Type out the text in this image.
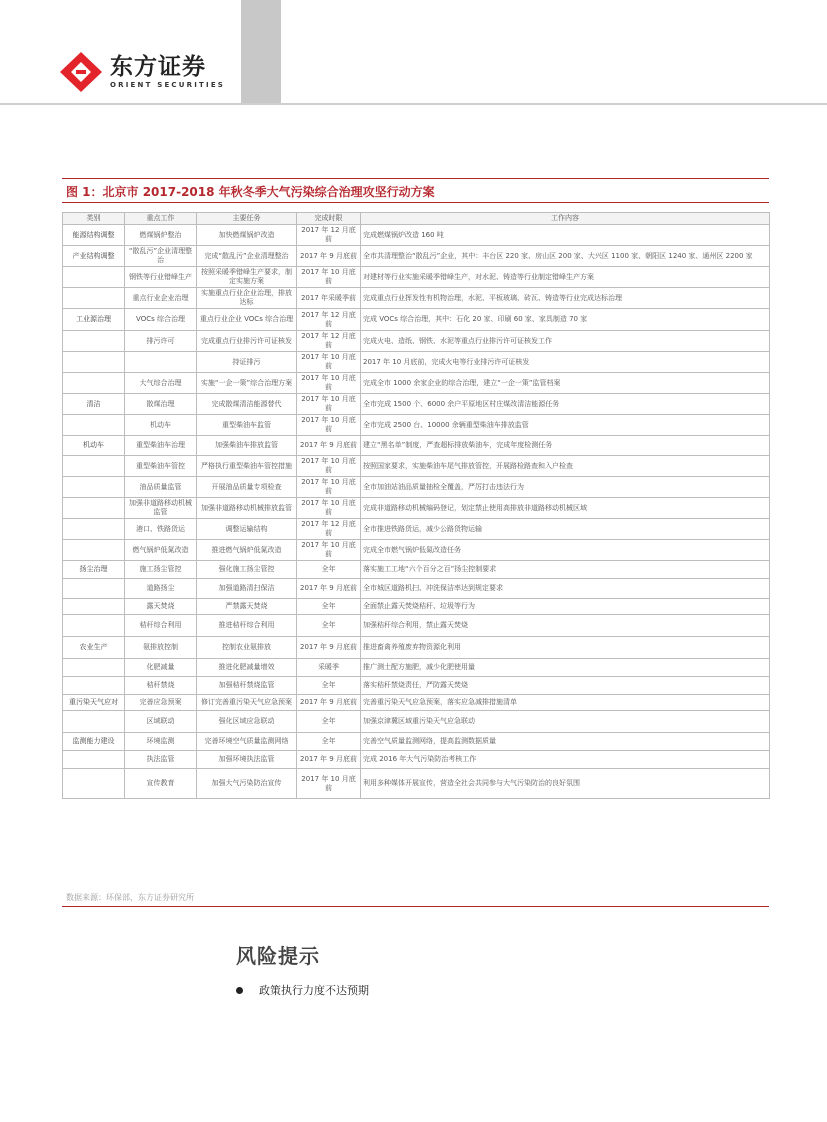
东方证券
ORIENT SECURITIES
图 1：北京市 2017-2018 年秋冬季大气污染综合治理攻坚行动方案
类别	重点工作	主要任务	完成时限	工作内容
能源结构调整	燃煤锅炉整治	加快燃煤锅炉改造	2017 年 12 月底前	完成燃煤锅炉改造 160 吨
产业结构调整	“散乱污”企业清理整治	完成“散乱污”企业清理整治	2017 年 9 月底前	全市共清理整治“散乱污”企业，其中：丰台区 220 家、房山区 200 家、大兴区 1100 家、朝阳区 1240 家、通州区 2200 家
	钢铁等行业错峰生产	按照采暖季错峰生产要求，制定实施方案	2017 年 10 月底前	对建材等行业实施采暖季错峰生产，对水泥、铸造等行业制定错峰生产方案
	重点行业企业治理	实施重点行业企业治理，排放达标	2017 年采暖季前	完成重点行业挥发性有机物治理，水泥、平板玻璃、砖瓦、铸造等行业完成达标治理
工业源治理	VOCs 综合治理	重点行业企业 VOCs 综合治理	2017 年 12 月底前	完成 VOCs 综合治理，其中：石化 20 家、印刷 60 家、家具制造 70 家
	排污许可	完成重点行业排污许可证核发	2017 年 12 月底前	完成火电、造纸、钢铁、水泥等重点行业排污许可证核发工作
		持证排污	2017 年 10 月底前	2017 年 10 月底前，完成火电等行业排污许可证核发
	大气综合治理	实施“一企一策”综合治理方案	2017 年 10 月底前	完成全市 1000 余家企业的综合治理，建立“一企一策”监管档案
清洁	散煤治理	完成散煤清洁能源替代	2017 年 10 月底前	全市完成 1500 个、6000 余户平原地区村庄煤改清洁能源任务
	机动车	重型柴油车监管	2017 年 10 月底前	全市完成 2500 台、10000 余辆重型柴油车排放监管
机动车	重型柴油车治理	加强柴油车排放监管	2017 年 9 月底前	建立“黑名单”制度，严查超标排放柴油车，完成年度检测任务
	重型柴油车管控	严格执行重型柴油车管控措施	2017 年 10 月底前	按照国家要求，实施柴油车尾气排放管控，开展路检路查和入户检查
	油品质量监管	开展油品质量专项检查	2017 年 10 月底前	全市加油站油品质量抽检全覆盖，严厉打击违法行为
	加强非道路移动机械监管	加强非道路移动机械排放监管	2017 年 10 月底前	完成非道路移动机械编码登记，划定禁止使用高排放非道路移动机械区域
	港口、铁路货运	调整运输结构	2017 年 12 月底前	全市推进铁路货运，减少公路货物运输
	燃气锅炉低氮改造	推进燃气锅炉低氮改造	2017 年 10 月底前	完成全市燃气锅炉低氮改造任务
扬尘治理	施工扬尘管控	强化施工扬尘管控	全年	落实施工工地“六个百分之百”扬尘控制要求
	道路扬尘	加强道路清扫保洁	2017 年 9 月底前	全市城区道路机扫、冲洗保洁率达到规定要求
	露天焚烧	严禁露天焚烧	全年	全面禁止露天焚烧秸秆、垃圾等行为
	秸秆综合利用	推进秸秆综合利用	全年	加强秸秆综合利用，禁止露天焚烧
农业生产	氨排放控制	控制农业氨排放	2017 年 9 月底前	推进畜禽养殖废弃物资源化利用
	化肥减量	推进化肥减量增效	采暖季	推广测土配方施肥，减少化肥使用量
	秸秆禁烧	加强秸秆禁烧监管	全年	落实秸秆禁烧责任，严防露天焚烧
重污染天气应对	完善应急预案	修订完善重污染天气应急预案	2017 年 9 月底前	完善重污染天气应急预案，落实应急减排措施清单
	区域联动	强化区域应急联动	全年	加强京津冀区域重污染天气应急联动
监测能力建设	环境监测	完善环境空气质量监测网络	全年	完善空气质量监测网络，提高监测数据质量
	执法监管	加强环境执法监管	2017 年 9 月底前	完成 2016 年大气污染防治考核工作
	宣传教育	加强大气污染防治宣传	2017 年 10 月底前	利用多种媒体开展宣传，营造全社会共同参与大气污染防治的良好氛围
数据来源：环保部，东方证券研究所
风险提示
政策执行力度不达预期
